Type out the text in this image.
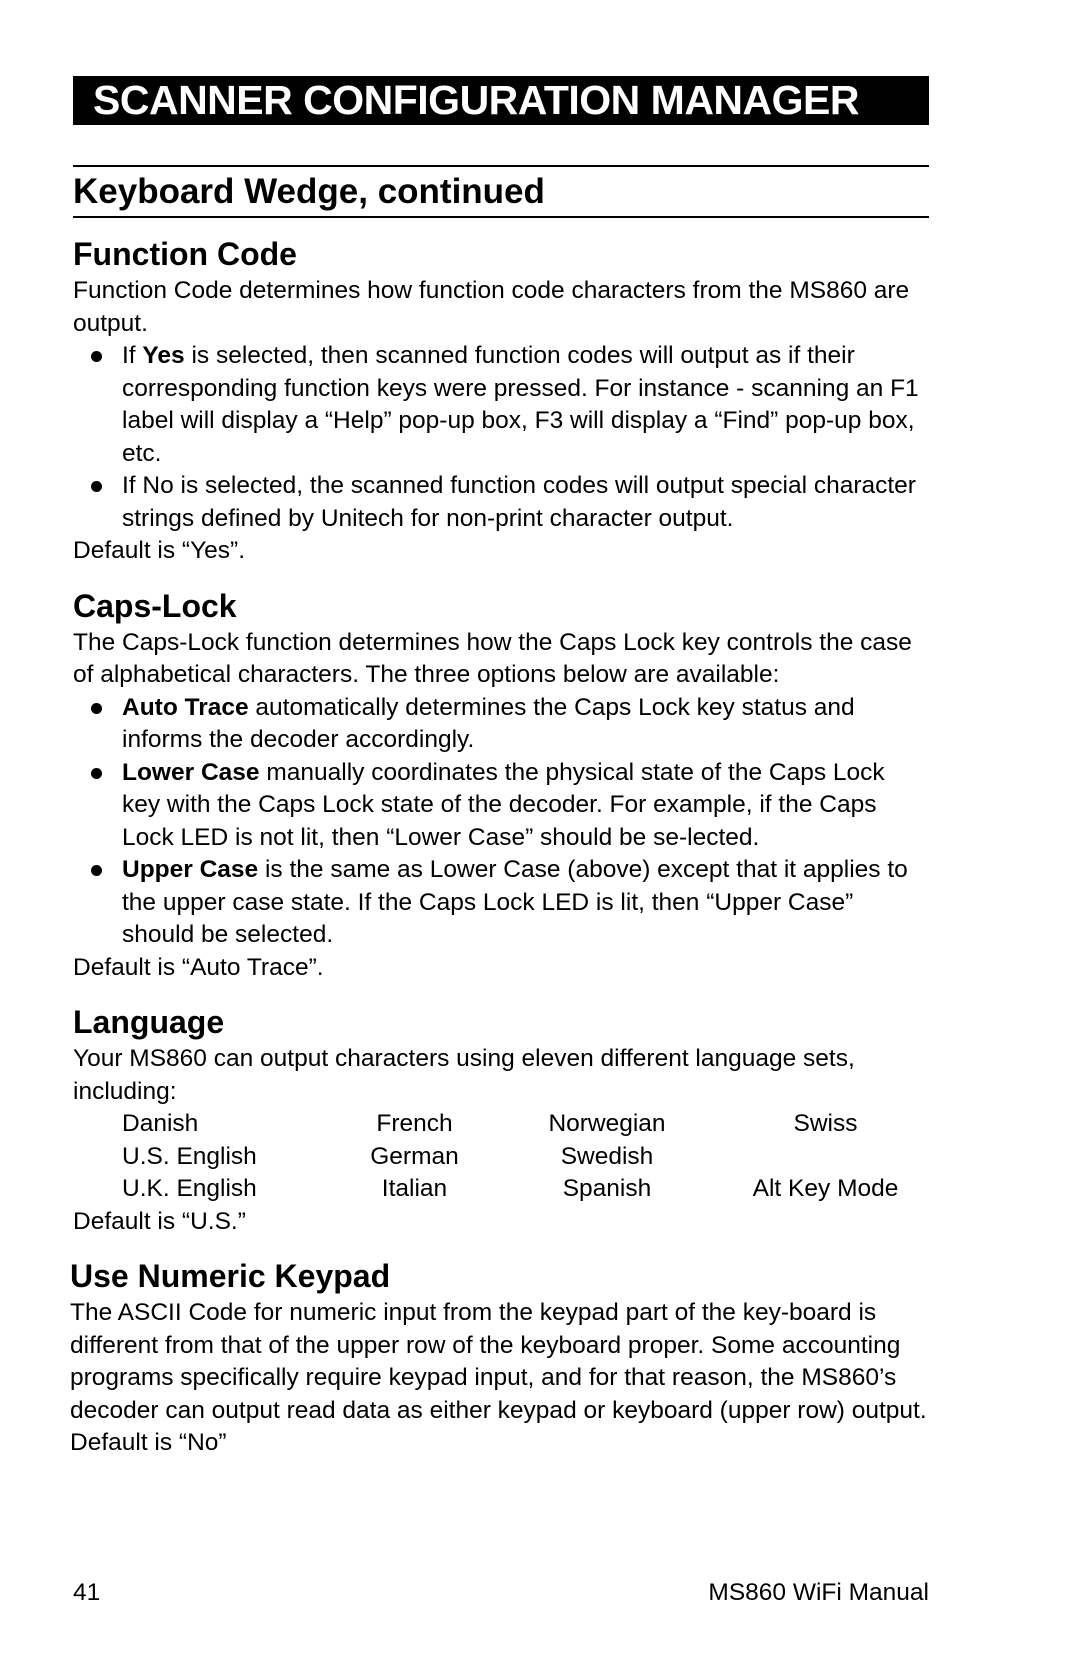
SCANNER CONFIGURATION MANAGER
Keyboard Wedge, continued
Function Code

Function Code determines how function code characters from the MS860 are output.

If Yes is selected, then scanned function codes will output as if their corresponding function keys were pressed. For instance - scanning an F1 label will display a “Help” pop-up box, F3 will display a “Find” pop-up box, etc.
If No is selected, the scanned function codes will output special character strings defined by Unitech for non-print character output.

Default is “Yes”.

Caps-Lock

The Caps-Lock function determines how the Caps Lock key controls the case of alphabetical characters. The three options below are available:

Auto Trace automatically determines the Caps Lock key status and informs the decoder accordingly.
Lower Case manually coordinates the physical state of the Caps Lock key with the Caps Lock state of the decoder. For example, if the Caps Lock LED is not lit, then “Lower Case” should be se-lected.
Upper Case is the same as Lower Case (above) except that it applies to the upper case state. If the Caps Lock LED is lit, then “Upper Case” should be selected.

Default is “Auto Trace”.

Language

Your MS860 can output characters using eleven different language sets, including:

Danish	French	Norwegian	Swiss
U.S. English	German	Swedish	
U.K. English	Italian	Spanish	Alt Key Mode

Default is “U.S.”

Use Numeric Keypad

The ASCII Code for numeric input from the keypad part of the key-board is different from that of the upper row of the keyboard proper. Some accounting programs specifically require keypad input, and for that reason, the MS860’s decoder can output read data as either keypad or keyboard (upper row) output.

Default is “No”

41	MS860 WiFi Manual
